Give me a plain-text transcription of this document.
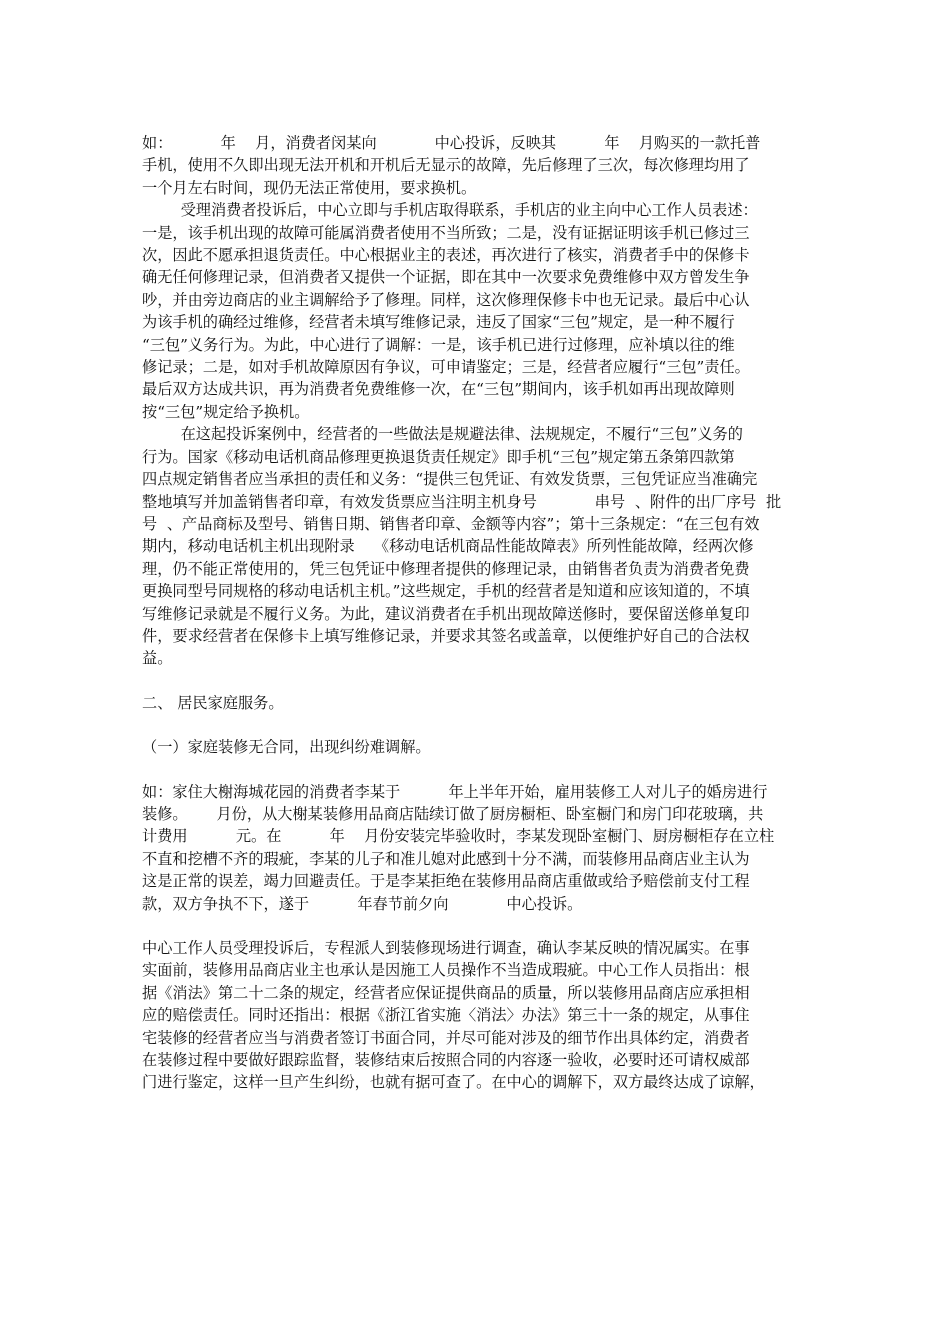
如：          年    月，消费者闵某向            中心投诉，反映其          年    月购买的一款托普
手机，使用不久即出现无法开机和开机后无显示的故障，先后修理了三次，每次修理均用了
一个月左右时间，现仍无法正常使用，要求换机。
受理消费者投诉后，中心立即与手机店取得联系，手机店的业主向中心工作人员表述：
一是，该手机出现的故障可能属消费者使用不当所致；二是，没有证据证明该手机已修过三
次，因此不愿承担退货责任。中心根据业主的表述，再次进行了核实，消费者手中的保修卡
确无任何修理记录，但消费者又提供一个证据，即在其中一次要求免费维修中双方曾发生争
吵，并由旁边商店的业主调解给予了修理。同样，这次修理保修卡中也无记录。最后中心认
为该手机的确经过维修，经营者未填写维修记录，违反了国家“三包”规定，是一种不履行
“三包”义务行为。为此，中心进行了调解：一是，该手机已进行过修理，应补填以往的维
修记录；二是，如对手机故障原因有争议，可申请鉴定；三是，经营者应履行“三包”责任。
最后双方达成共识，再为消费者免费维修一次，在“三包”期间内，该手机如再出现故障则
按“三包”规定给予换机。
在这起投诉案例中，经营者的一些做法是规避法律、法规规定，不履行“三包”义务的
行为。国家《移动电话机商品修理更换退货责任规定》即手机“三包”规定第五条第四款第
四点规定销售者应当承担的责任和义务：“提供三包凭证、有效发货票，三包凭证应当准确完
整地填写并加盖销售者印章，有效发货票应当注明主机身号            串号  、附件的出厂序号  批
号  、产品商标及型号、销售日期、销售者印章、金额等内容”；第十三条规定：“在三包有效
期内，移动电话机主机出现附录    《移动电话机商品性能故障表》所列性能故障，经两次修
理，仍不能正常使用的，凭三包凭证中修理者提供的修理记录，由销售者负责为消费者免费
更换同型号同规格的移动电话机主机。”这些规定，手机的经营者是知道和应该知道的，不填
写维修记录就是不履行义务。为此，建议消费者在手机出现故障送修时，要保留送修单复印
件，要求经营者在保修卡上填写维修记录，并要求其签名或盖章，以便维护好自己的合法权
益。

二、 居民家庭服务。

（一）家庭装修无合同，出现纠纷难调解。

如：家住大榭海城花园的消费者李某于          年上半年开始，雇用装修工人对儿子的婚房进行
装修。      月份，从大榭某装修用品商店陆续订做了厨房橱柜、卧室橱门和房门印花玻璃，共
计费用          元。在          年    月份安装完毕验收时，李某发现卧室橱门、厨房橱柜存在立柱
不直和挖槽不齐的瑕疵，李某的儿子和准儿媳对此感到十分不满，而装修用品商店业主认为
这是正常的误差，竭力回避责任。于是李某拒绝在装修用品商店重做或给予赔偿前支付工程
款，双方争执不下，遂于          年春节前夕向            中心投诉。
中心工作人员受理投诉后，专程派人到装修现场进行调查，确认李某反映的情况属实。在事
实面前，装修用品商店业主也承认是因施工人员操作不当造成瑕疵。中心工作人员指出：根
据《消法》第二十二条的规定，经营者应保证提供商品的质量，所以装修用品商店应承担相
应的赔偿责任。同时还指出：根据《浙江省实施〈消法〉办法》第三十一条的规定，从事住
宅装修的经营者应当与消费者签订书面合同，并尽可能对涉及的细节作出具体约定，消费者
在装修过程中要做好跟踪监督，装修结束后按照合同的内容逐一验收，必要时还可请权威部
门进行鉴定，这样一旦产生纠纷，也就有据可查了。在中心的调解下，双方最终达成了谅解，
